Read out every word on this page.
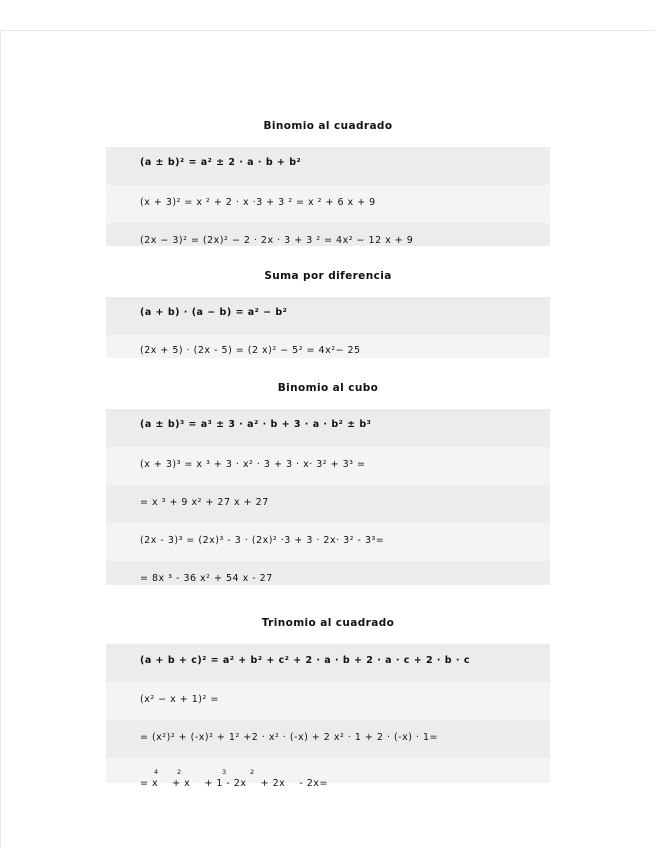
Binomio al cuadrado
(a ± b)² = a² ± 2 · a · b + b²
(x + 3)² = x ² + 2 · x ·3 + 3 ² = x ² + 6 x + 9
(2x − 3)² = (2x)² − 2 · 2x · 3 + 3 ² = 4x² − 12 x + 9
Suma por diferencia
(a + b) · (a − b) = a² − b²
(2x + 5) · (2x - 5) = (2 x)² − 5² = 4x²− 25
Binomio al cubo
(a ± b)³ = a³ ± 3 · a² · b + 3 · a · b² ± b³
(x + 3)³ = x ³ + 3 · x² · 3 + 3 · x· 3² + 3³ =
= x ³ + 9 x² + 27 x + 27
(2x - 3)³ = (2x)³ - 3 · (2x)² ·3 + 3 · 2x· 3² - 3³=
= 8x ³ - 36 x² + 54 x - 27
Trinomio al cuadrado
(a + b + c)² = a² + b² + c² + 2 · a · b + 2 · a · c + 2 · b · c
(x² − x + 1)² =
= (x²)² + (-x)² + 1² +2 · x² · (-x) + 2 x² · 1 + 2 · (-x) · 1=
4	2	3	2
= x    + x    + 1 - 2x    + 2x    - 2x=
